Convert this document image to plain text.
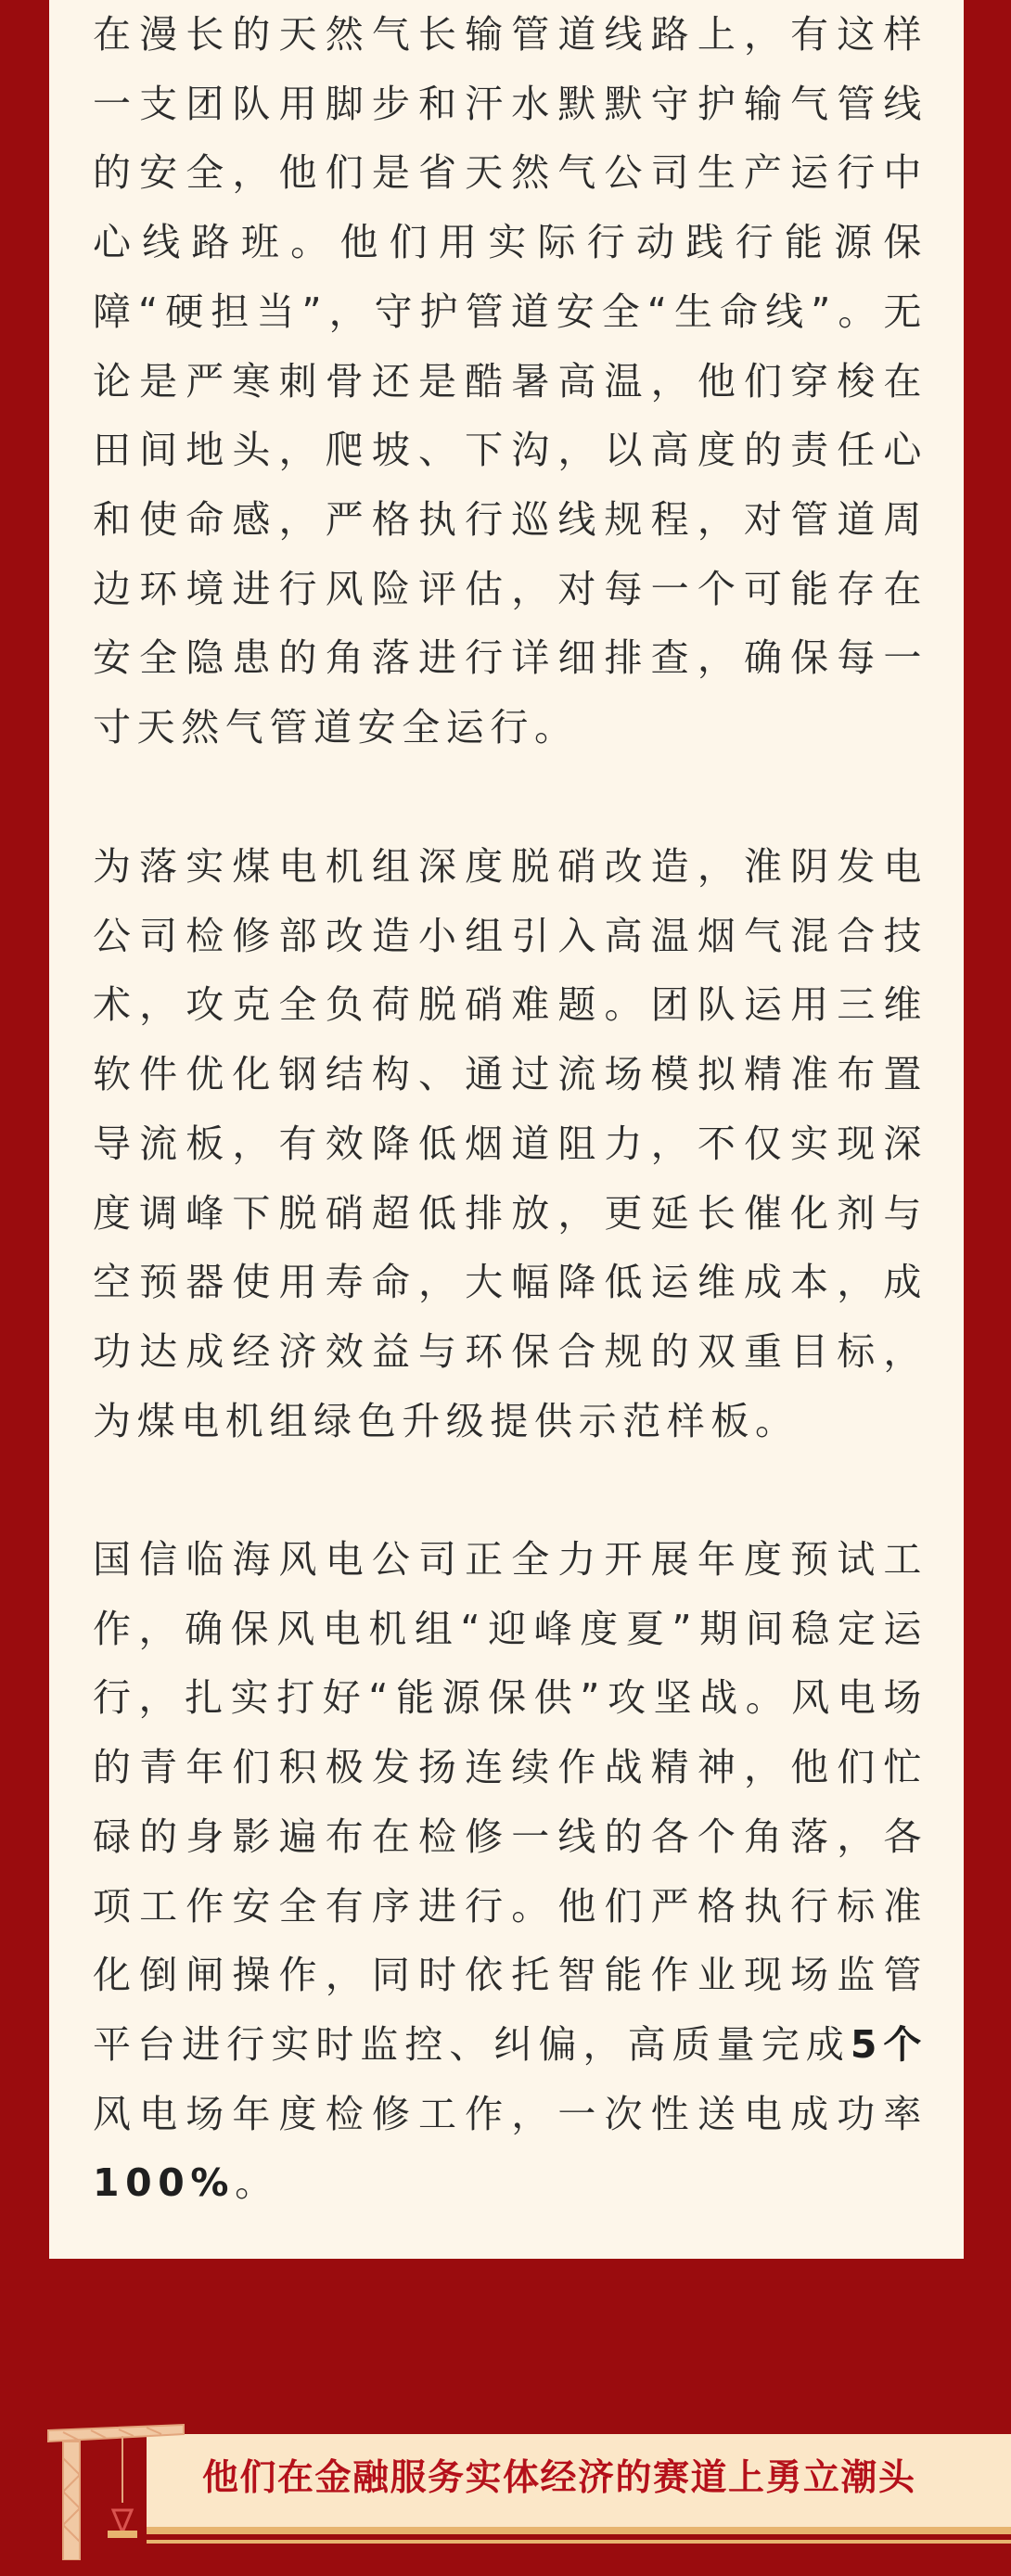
在漫长的天然气长输管道线路上，有这样一支团队用脚步和汗水默默守护输气管线的安全，他们是省天然气公司生产运行中心线路班。他们用实际行动践行能源保障“硬担当”，守护管道安全“生命线”。无论是严寒刺骨还是酷暑高温，他们穿梭在田间地头，爬坡、下沟，以高度的责任心和使命感，严格执行巡线规程，对管道周边环境进行风险评估，对每一个可能存在安全隐患的角落进行详细排查，确保每一寸天然气管道安全运行。

为落实煤电机组深度脱硝改造，淮阴发电公司检修部改造小组引入高温烟气混合技术，攻克全负荷脱硝难题。团队运用三维软件优化钢结构、通过流场模拟精准布置导流板，有效降低烟道阻力，不仅实现深度调峰下脱硝超低排放，更延长催化剂与空预器使用寿命，大幅降低运维成本，成功达成经济效益与环保合规的双重目标，为煤电机组绿色升级提供示范样板。

国信临海风电公司正全力开展年度预试工作，确保风电机组“迎峰度夏”期间稳定运行，扎实打好“能源保供”攻坚战。风电场的青年们积极发扬连续作战精神，他们忙碌的身影遍布在检修一线的各个角落，各项工作安全有序进行。他们严格执行标准化倒闸操作，同时依托智能作业现场监管平台进行实时监控、纠偏，高质量完成5个风电场年度检修工作，一次性送电成功率100%。

他们在金融服务实体经济的赛道上勇立潮头
